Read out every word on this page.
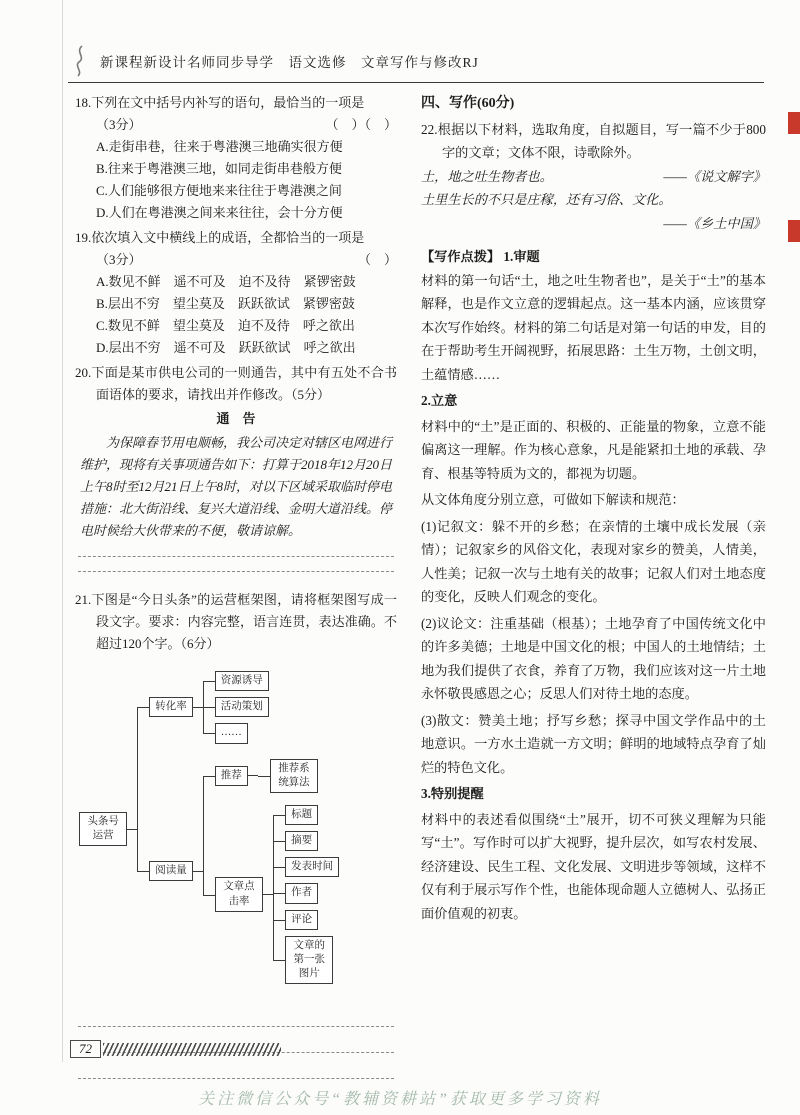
新课程新设计名师同步导学　语文选修　文章写作与修改RJ
18.下列在文中括号内补写的语句，最恰当的一项是
（3分）	（　）（　）
A.走街串巷，往来于粤港澳三地确实很方便
B.往来于粤港澳三地，如同走街串巷般方便
C.人们能够很方便地来来往往于粤港澳之间
D.人们在粤港澳之间来来往往，会十分方便
19.依次填入文中横线上的成语，全都恰当的一项是
（3分）	（　）
A.数见不鲜　遥不可及　迫不及待　紧锣密鼓
B.层出不穷　望尘莫及　跃跃欲试　紧锣密鼓
C.数见不鲜　望尘莫及　迫不及待　呼之欲出
D.层出不穷　遥不可及　跃跃欲试　呼之欲出
20.下面是某市供电公司的一则通告，其中有五处不合书面语体的要求，请找出并作修改。（5分）
通　告
为保障春节用电顺畅，我公司决定对辖区电网进行维护，现将有关事项通告如下：打算于2018年12月20日上午8时至12月21日上午8时，对以下区域采取临时停电措施：北大街沿线、复兴大道沿线、金明大道沿线。停电时候给大伙带来的不便，敬请谅解。
21.下图是“今日头条”的运营框架图，请将框架图写成一段文字。要求：内容完整，语言连贯，表达准确。不超过120个字。（6分）
头条号运营
转化率
资源诱导
活动策划
……
阅读量
推荐
推荐系统算法
文章点击率
标题
摘要
发表时间
作者
评论
文章的第一张图片
四、写作(60分)
22.根据以下材料，选取角度，自拟题目，写一篇不少于800字的文章；文体不限，诗歌除外。
土，地之吐生物者也。	——《说文解字》
土里生长的不只是庄稼，还有习俗、文化。
——《乡土中国》
【写作点拨】 1.审题
材料的第一句话“土，地之吐生物者也”，是关于“土”的基本解释，也是作文立意的逻辑起点。这一基本内涵，应该贯穿本次写作始终。材料的第二句话是对第一句话的申发，目的在于帮助考生开阔视野，拓展思路：土生万物，土创文明，土蕴情感……
2.立意
材料中的“土”是正面的、积极的、正能量的物象，立意不能偏离这一理解。作为核心意象，凡是能紧扣土地的承载、孕育、根基等特质为文的，都视为切题。
从文体角度分别立意，可做如下解读和规范：
(1)记叙文：躲不开的乡愁；在亲情的土壤中成长发展（亲情）；记叙家乡的风俗文化，表现对家乡的赞美，人情美，人性美；记叙一次与土地有关的故事；记叙人们对土地态度的变化，反映人们观念的变化。
(2)议论文：注重基础（根基）；土地孕育了中国传统文化中的许多美德；土地是中国文化的根；中国人的土地情结；土地为我们提供了衣食，养育了万物，我们应该对这一片土地永怀敬畏感恩之心；反思人们对待土地的态度。
(3)散文：赞美土地；抒写乡愁；探寻中国文学作品中的土地意识。一方水土造就一方文明；鲜明的地域特点孕育了灿烂的特色文化。
3.特别提醒
材料中的表述看似围绕“土”展开，切不可狭义理解为只能写“土”。写作时可以扩大视野，提升层次，如写农村发展、经济建设、民生工程、文化发展、文明进步等领域，这样不仅有利于展示写作个性，也能体现命题人立德树人、弘扬正面价值观的初衷。
72
关注微信公众号“教辅资耕站”获取更多学习资料
